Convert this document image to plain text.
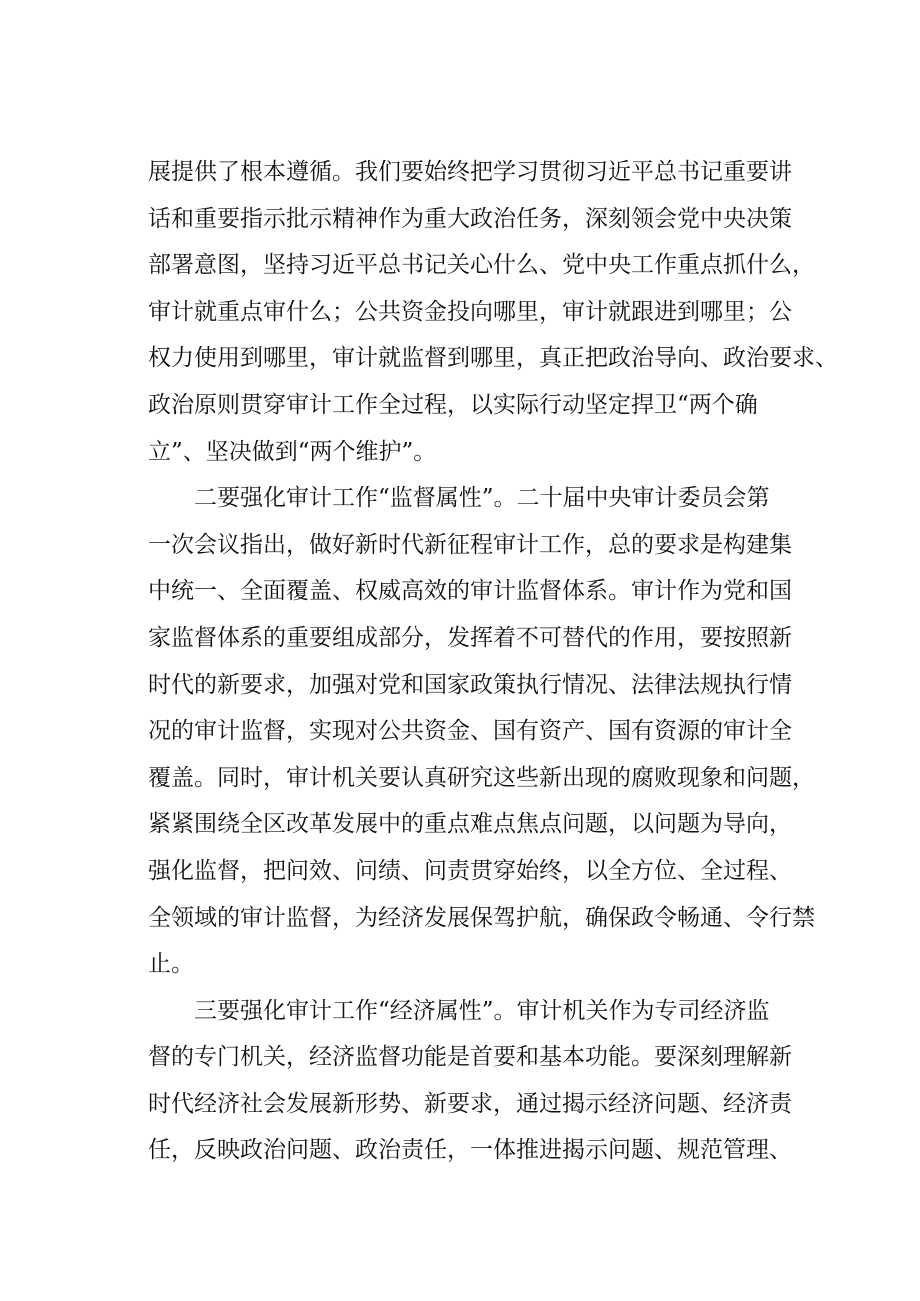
展提供了根本遵循。我们要始终把学习贯彻习近平总书记重要讲
话和重要指示批示精神作为重大政治任务，深刻领会党中央决策
部署意图，坚持习近平总书记关心什么、党中央工作重点抓什么，
审计就重点审什么；公共资金投向哪里，审计就跟进到哪里；公
权力使用到哪里，审计就监督到哪里，真正把政治导向、政治要求、
政治原则贯穿审计工作全过程，以实际行动坚定捍卫“两个确
立”、坚决做到“两个维护”。
二要强化审计工作“监督属性”。二十届中央审计委员会第
一次会议指出，做好新时代新征程审计工作，总的要求是构建集
中统一、全面覆盖、权威高效的审计监督体系。审计作为党和国
家监督体系的重要组成部分，发挥着不可替代的作用，要按照新
时代的新要求，加强对党和国家政策执行情况、法律法规执行情
况的审计监督，实现对公共资金、国有资产、国有资源的审计全
覆盖。同时，审计机关要认真研究这些新出现的腐败现象和问题，
紧紧围绕全区改革发展中的重点难点焦点问题，以问题为导向，
强化监督，把问效、问绩、问责贯穿始终，以全方位、全过程、
全领域的审计监督，为经济发展保驾护航，确保政令畅通、令行禁
止。
三要强化审计工作“经济属性”。审计机关作为专司经济监
督的专门机关，经济监督功能是首要和基本功能。要深刻理解新
时代经济社会发展新形势、新要求，通过揭示经济问题、经济责
任，反映政治问题、政治责任，一体推进揭示问题、规范管理、
